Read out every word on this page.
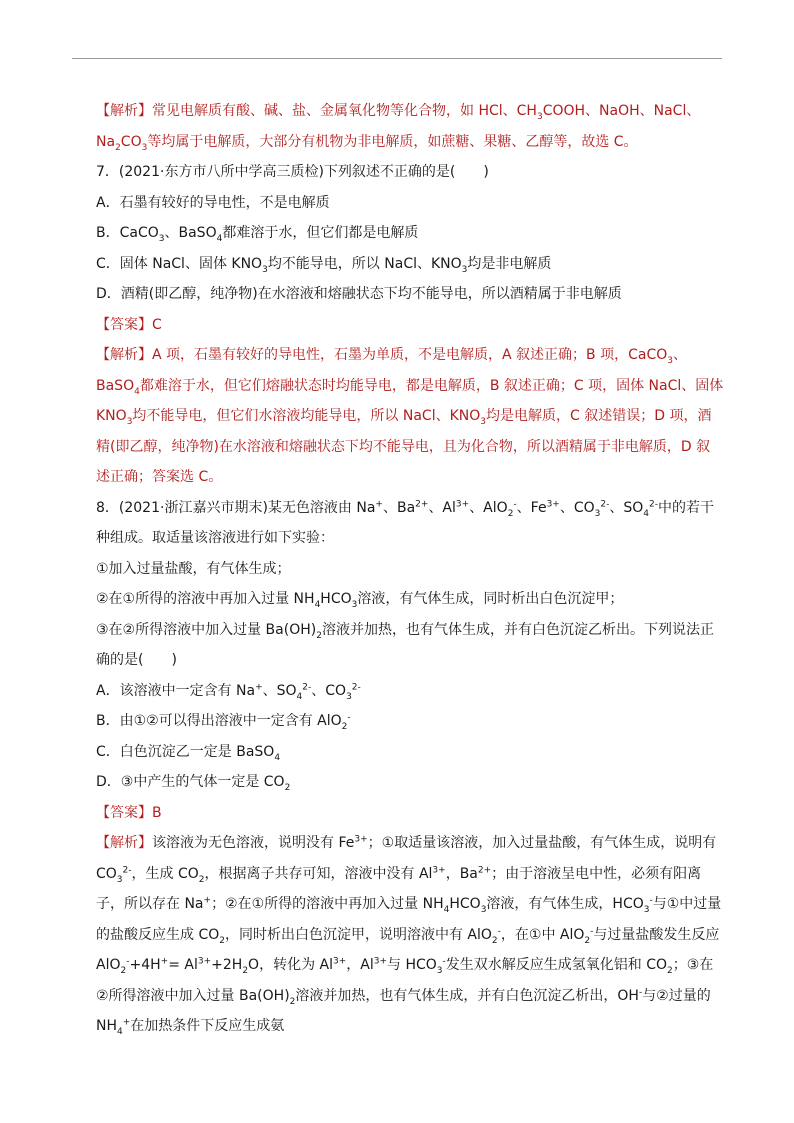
【解析】常见电解质有酸、碱、盐、金属氧化物等化合物，如 HCl、$CH_3COOH$、NaOH、NaCl、$Na_2CO_3$等均属于电解质，大部分有机物为非电解质，如蔗糖、果糖、乙醇等，故选 C。

7．(2021·东方市八所中学高三质检)下列叙述不正确的是(　　)

A．石墨有较好的导电性，不是电解质

B．CaCO$_3$、BaSO$_4$都难溶于水，但它们都是电解质

C．固体 NaCl、固体 $KNO_3$均不能导电，所以 NaCl、$KNO_3$均是非电解质

D．酒精(即乙醇，纯净物)在水溶液和熔融状态下均不能导电，所以酒精属于非电解质

【答案】C

【解析】A 项，石墨有较好的导电性，石墨为单质，不是电解质，A 叙述正确；B 项，CaCO$_3$、BaSO$_4$都难溶于水，但它们熔融状态时均能导电，都是电解质，B 叙述正确；C 项，固体 NaCl、固体 $KNO_3$均不能导电，但它们水溶液均能导电，所以 NaCl、$KNO_3$均是电解质，C 叙述错误；D 项，酒精(即乙醇，纯净物)在水溶液和熔融状态下均不能导电，且为化合物，所以酒精属于非电解质，D 叙述正确；答案选 C。

8．(2021·浙江嘉兴市期末)某无色溶液由 Na+、$Ba^{2+}$、$Al^{3+}$、AlO$_2$-、$Fe^{3+}$、$CO_3^{2-}$、$SO_4^{2-}$中的若干种组成。取适量该溶液进行如下实验：

①加入过量盐酸，有气体生成；

②在①所得的溶液中再加入过量 $NH_4HCO_3$溶液，有气体生成，同时析出白色沉淀甲；

③在②所得溶液中加入过量 $Ba(OH)_2$溶液并加热，也有气体生成，并有白色沉淀乙析出。下列说法正确的是(　　)

A．该溶液中一定含有 Na+、$SO_4^{2-}$、$CO_3^{2-}$

B．由①②可以得出溶液中一定含有 AlO$_2$-

C．白色沉淀乙一定是 BaSO$_4$

D．③中产生的气体一定是 $CO_2$

【答案】B

【解析】该溶液为无色溶液，说明没有 $Fe^{3+}$；①取适量该溶液，加入过量盐酸，有气体生成，说明有 $CO_3^{2-}$，生成 $CO_2$，根据离子共存可知，溶液中没有 $Al^{3+}$，$Ba^{2+}$；由于溶液呈电中性，必须有阳离子，所以存在 Na+；②在①所得的溶液中再加入过量 $NH_4HCO_3$溶液，有气体生成，$HCO_3^-$与①中过量的盐酸反应生成 $CO_2$，同时析出白色沉淀甲，说明溶液中有 AlO$_2$-，在①中 AlO$_2$-与过量盐酸发生反应 $AlO_2^-+4H^+= Al^{3+}+2H_2O$，转化为 $Al^{3+}$，$Al^{3+}$与 $HCO_3^-$发生双水解反应生成氢氧化铝和 $CO_2$；③在②所得溶液中加入过量 $Ba(OH)_2$溶液并加热，也有气体生成，并有白色沉淀乙析出，OH-与②过量的 $NH_4^+$在加热条件下反应生成氨
